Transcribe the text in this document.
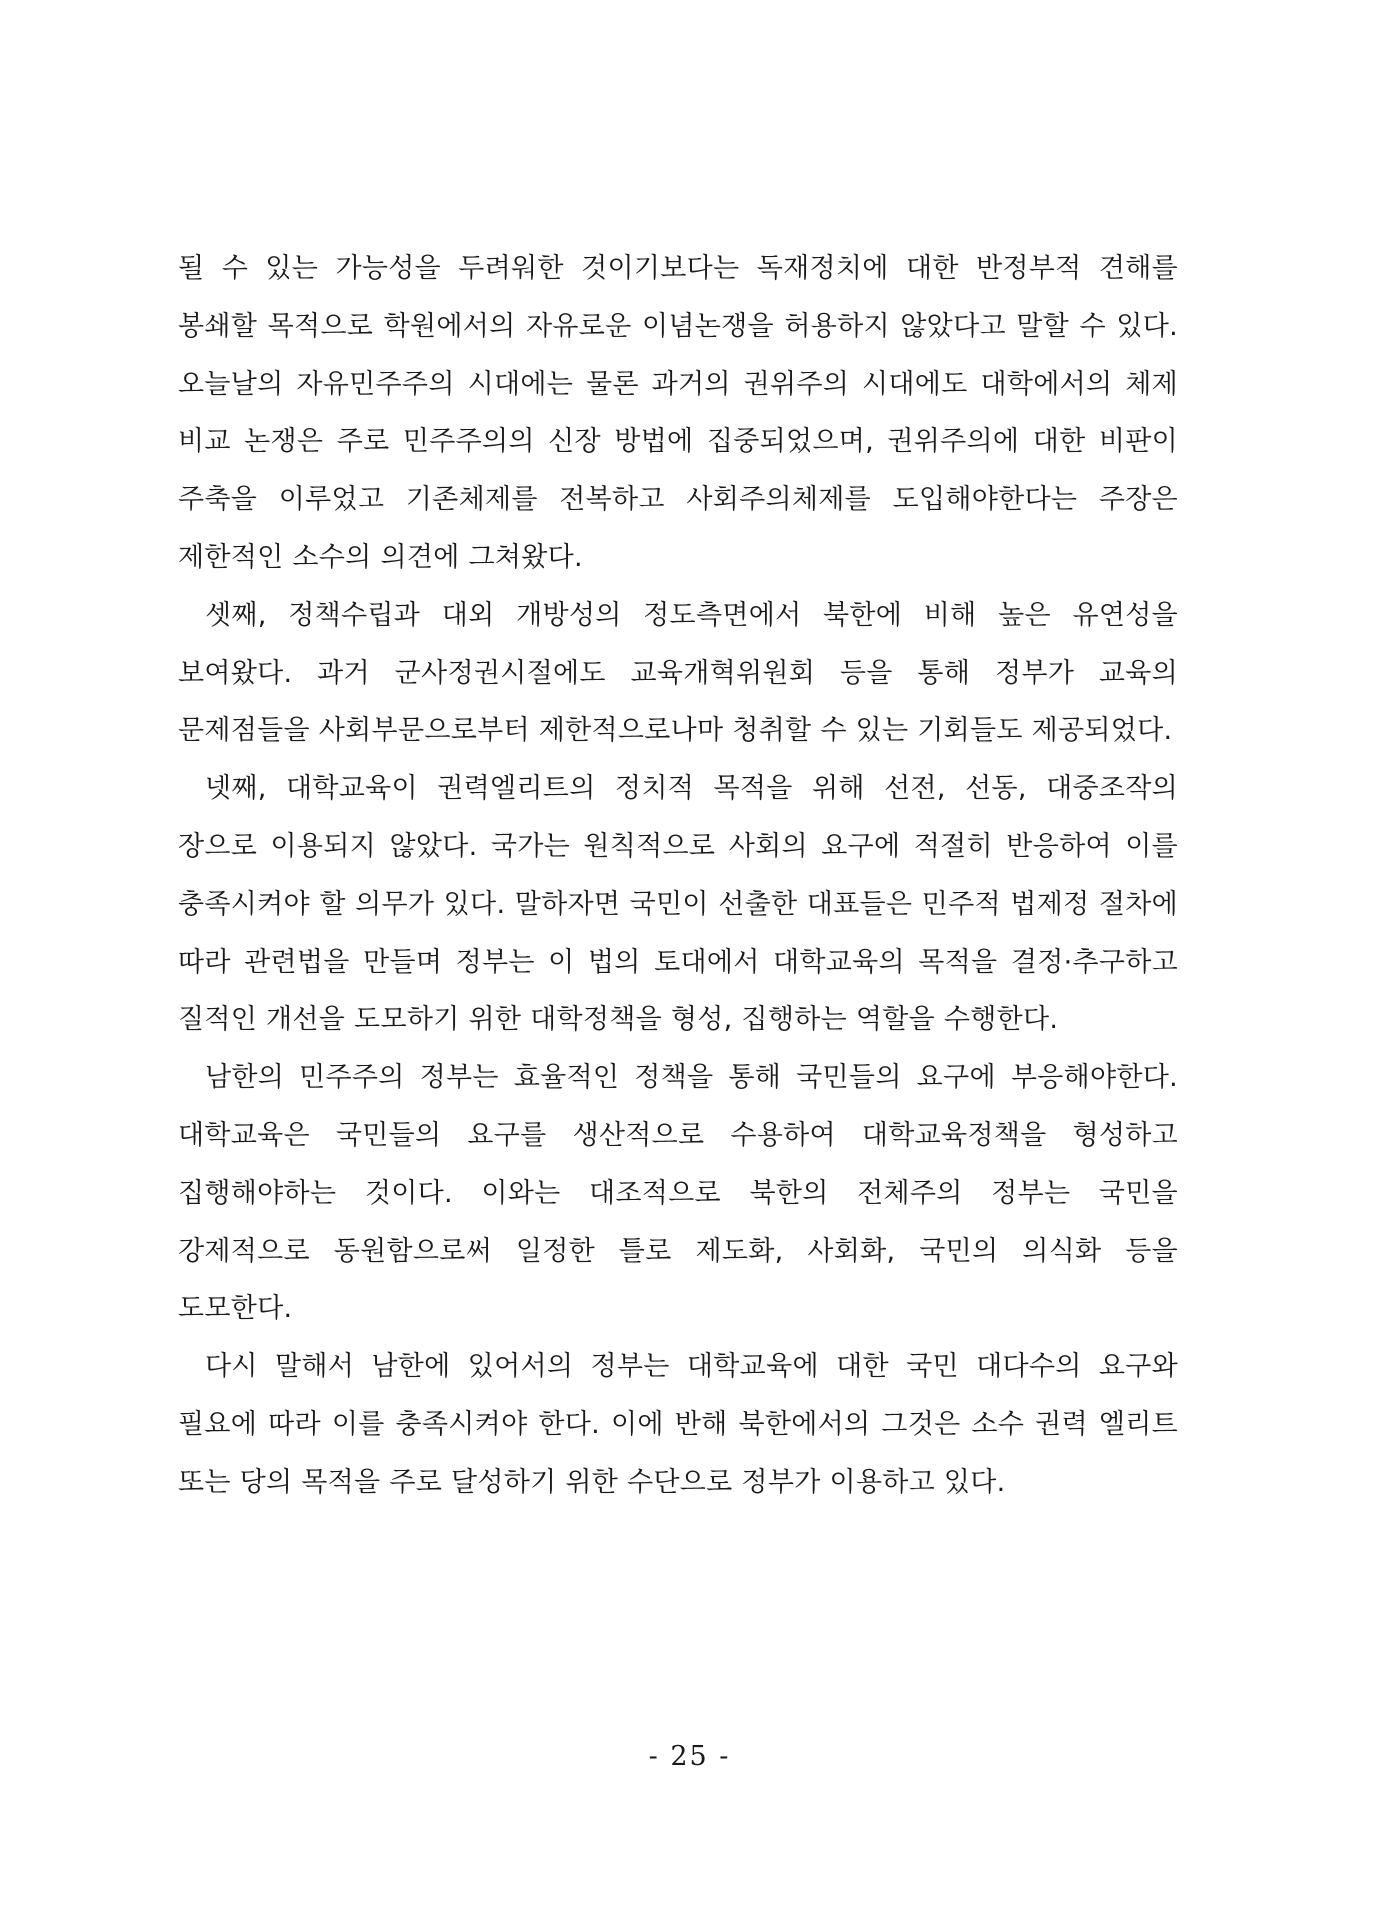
될 수 있는 가능성을 두려워한 것이기보다는 독재정치에 대한 반정부적 견해를 봉쇄할 목적으로 학원에서의 자유로운 이념논쟁을 허용하지 않았다고 말할 수 있다. 오늘날의 자유민주주의 시대에는 물론 과거의 권위주의 시대에도 대학에서의 체제 비교 논쟁은 주로 민주주의의 신장 방법에 집중되었으며, 권위주의에 대한 비판이 주축을 이루었고 기존체제를 전복하고 사회주의체제를 도입해야한다는 주장은 제한적인 소수의 의견에 그쳐왔다.

셋째, 정책수립과 대외 개방성의 정도측면에서 북한에 비해 높은 유연성을 보여왔다. 과거 군사정권시절에도 교육개혁위원회 등을 통해 정부가 교육의 문제점들을 사회부문으로부터 제한적으로나마 청취할 수 있는 기회들도 제공되었다.

넷째, 대학교육이 권력엘리트의 정치적 목적을 위해 선전, 선동, 대중조작의 장으로 이용되지 않았다. 국가는 원칙적으로 사회의 요구에 적절히 반응하여 이를 충족시켜야 할 의무가 있다. 말하자면 국민이 선출한 대표들은 민주적 법제정 절차에 따라 관련법을 만들며 정부는 이 법의 토대에서 대학교육의 목적을 결정·추구하고 질적인 개선을 도모하기 위한 대학정책을 형성, 집행하는 역할을 수행한다.

남한의 민주주의 정부는 효율적인 정책을 통해 국민들의 요구에 부응해야한다. 대학교육은 국민들의 요구를 생산적으로 수용하여 대학교육정책을 형성하고 집행해야하는 것이다. 이와는 대조적으로 북한의 전체주의 정부는 국민을 강제적으로 동원함으로써 일정한 틀로 제도화, 사회화, 국민의 의식화 등을 도모한다.

다시 말해서 남한에 있어서의 정부는 대학교육에 대한 국민 대다수의 요구와 필요에 따라 이를 충족시켜야 한다. 이에 반해 북한에서의 그것은 소수 권력 엘리트 또는 당의 목적을 주로 달성하기 위한 수단으로 정부가 이용하고 있다.

- 25 -
